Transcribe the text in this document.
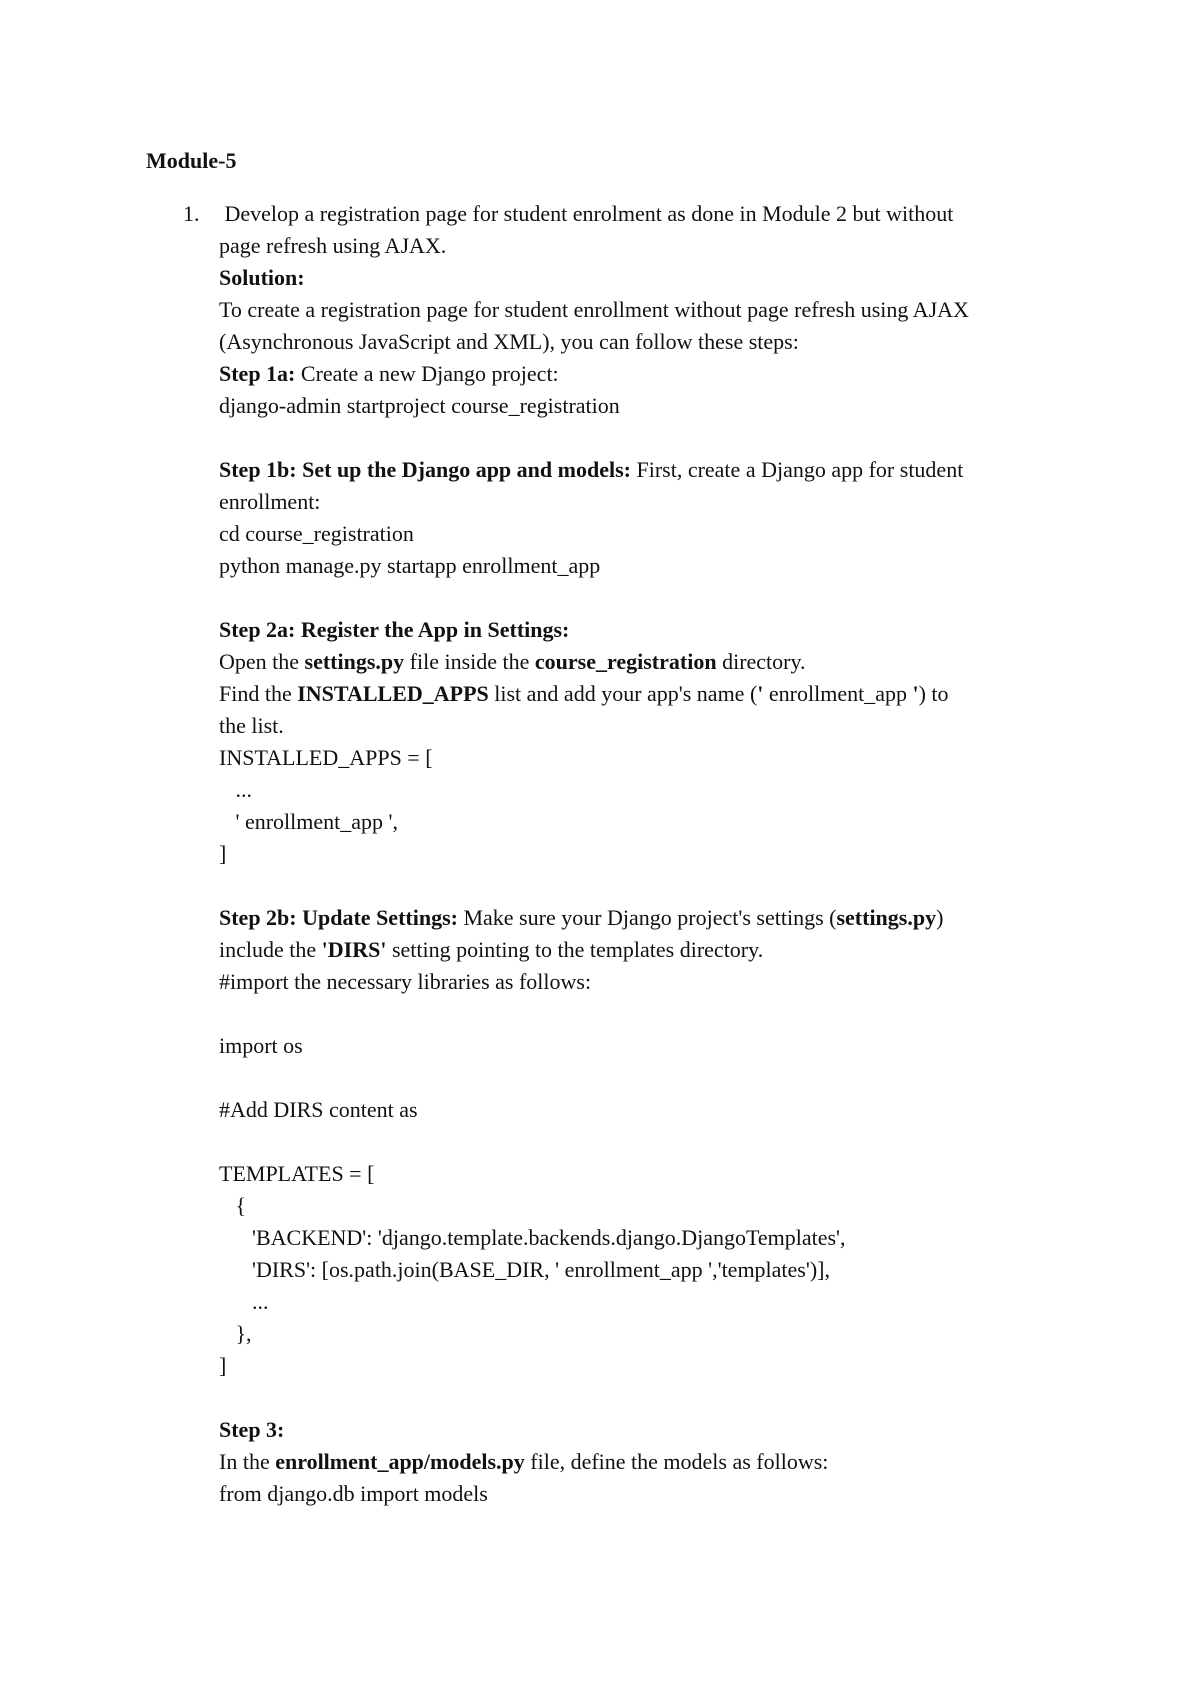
Module-5
1. Develop a registration page for student enrolment as done in Module 2 but without
page refresh using AJAX.
Solution:
To create a registration page for student enrollment without page refresh using AJAX
(Asynchronous JavaScript and XML), you can follow these steps:
Step 1a: Create a new Django project:
django-admin startproject course_registration
Step 1b: Set up the Django app and models: First, create a Django app for student
enrollment:
cd course_registration
python manage.py startapp enrollment_app
Step 2a: Register the App in Settings:
Open the settings.py file inside the course_registration directory.
Find the INSTALLED_APPS list and add your app's name (' enrollment_app ') to
the list.
INSTALLED_APPS = [
...
' enrollment_app ',
]
Step 2b: Update Settings: Make sure your Django project's settings (settings.py)
include the 'DIRS' setting pointing to the templates directory.
#import the necessary libraries as follows:
import os
#Add DIRS content as
TEMPLATES = [
{
'BACKEND': 'django.template.backends.django.DjangoTemplates',
'DIRS': [os.path.join(BASE_DIR, ' enrollment_app ','templates')],
...
},
]
Step 3:
In the enrollment_app/models.py file, define the models as follows:
from django.db import models
